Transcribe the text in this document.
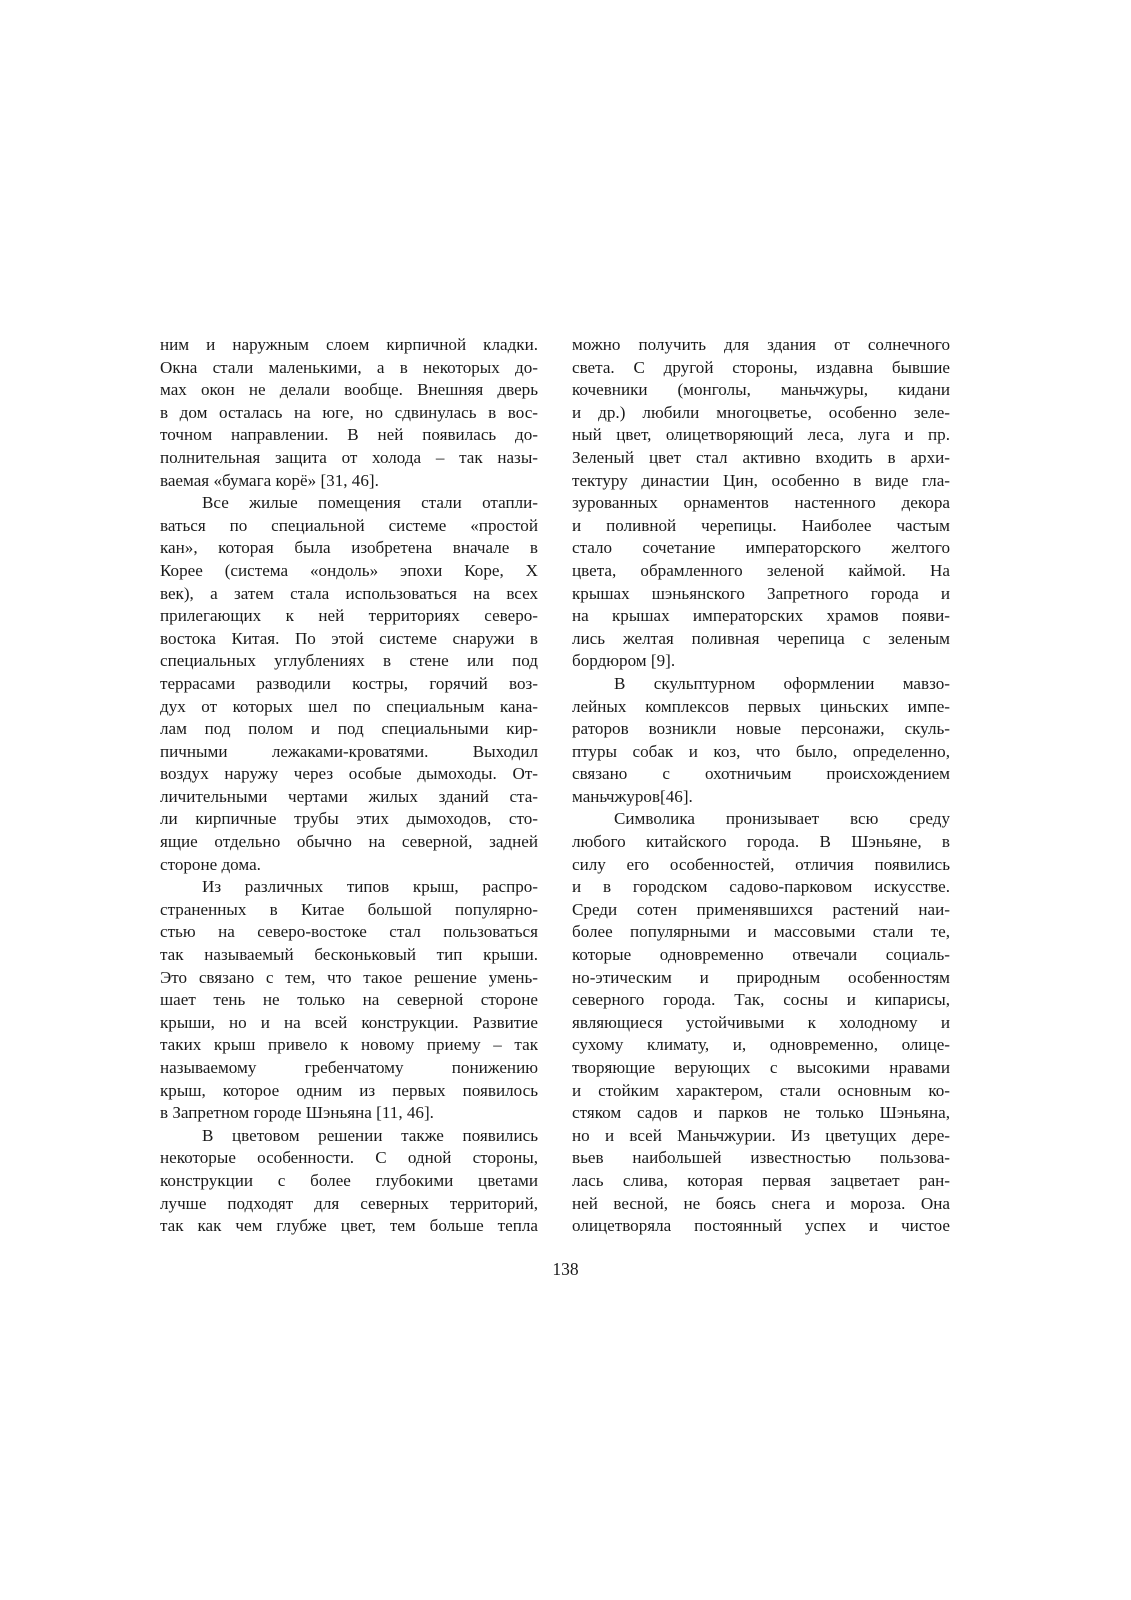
ним и наружным слоем кирпичной кладки.
Окна стали маленькими, а в некоторых до-
мах окон не делали вообще. Внешняя дверь
в дом осталась на юге, но сдвинулась в вос-
точном направлении. В ней появилась до-
полнительная защита от холода – так назы-
ваемая «бумага корё» [31, 46].
Все жилые помещения стали отапли-
ваться по специальной системе «простой
кан», которая была изобретена вначале в
Корее (система «ондоль» эпохи Коре, X
век), а затем стала использоваться на всех
прилегающих к ней территориях северо-
востока Китая. По этой системе снаружи в
специальных углублениях в стене или под
террасами разводили костры, горячий воз-
дух от которых шел по специальным кана-
лам под полом и под специальными кир-
пичными лежаками-кроватями. Выходил
воздух наружу через особые дымоходы. От-
личительными чертами жилых зданий ста-
ли кирпичные трубы этих дымоходов, сто-
ящие отдельно обычно на северной, задней
стороне дома.
Из различных типов крыш, распро-
страненных в Китае большой популярно-
стью на северо-востоке стал пользоваться
так называемый бесконьковый тип крыши.
Это связано с тем, что такое решение умень-
шает тень не только на северной стороне
крыши, но и на всей конструкции. Развитие
таких крыш привело к новому приему – так
называемому гребенчатому понижению
крыш, которое одним из первых появилось
в Запретном городе Шэньяна [11, 46].
В цветовом решении также появились
некоторые особенности. С одной стороны,
конструкции с более глубокими цветами
лучше подходят для северных территорий,
так как чем глубже цвет, тем больше тепла
можно получить для здания от солнечного
света. С другой стороны, издавна бывшие
кочевники (монголы, маньчжуры, кидани
и др.) любили многоцветье, особенно зеле-
ный цвет, олицетворяющий леса, луга и пр.
Зеленый цвет стал активно входить в архи-
тектуру династии Цин, особенно в виде гла-
зурованных орнаментов настенного декора
и поливной черепицы. Наиболее частым
стало сочетание императорского желтого
цвета, обрамленного зеленой каймой. На
крышах шэньянского Запретного города и
на крышах императорских храмов появи-
лись желтая поливная черепица с зеленым
бордюром [9].
В скульптурном оформлении мавзо-
лейных комплексов первых циньских импе-
раторов возникли новые персонажи, скуль-
птуры собак и коз, что было, определенно,
связано с охотничьим происхождением
маньчжуров[46].
Символика пронизывает всю среду
любого китайского города. В Шэньяне, в
силу его особенностей, отличия появились
и в городском садово-парковом искусстве.
Среди сотен применявшихся растений наи-
более популярными и массовыми стали те,
которые одновременно отвечали социаль-
но-этическим и природным особенностям
северного города. Так, сосны и кипарисы,
являющиеся устойчивыми к холодному и
сухому климату, и, одновременно, олице-
творяющие верующих с высокими нравами
и стойким характером, стали основным ко-
стяком садов и парков не только Шэньяна,
но и всей Маньчжурии. Из цветущих дере-
вьев наибольшей известностью пользова-
лась слива, которая первая зацветает ран-
ней весной, не боясь снега и мороза. Она
олицетворяла постоянный успех и чистое
138
